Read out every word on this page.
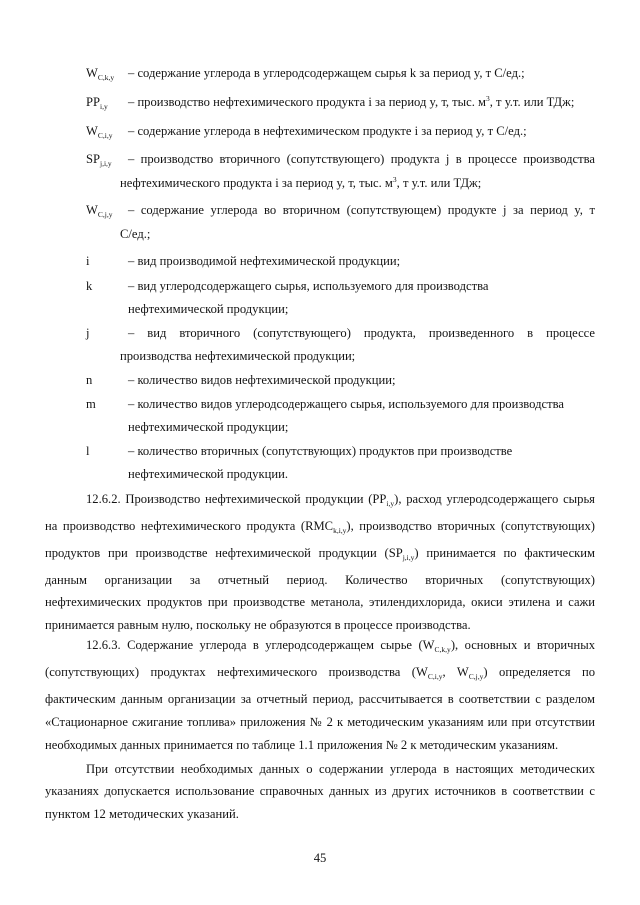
$W_{C,k,y}$ – содержание углерода в углеродсодержащем сырья k за период y, т С/ед.;
$PP_{i,y}$ – производство нефтехимического продукта i за период y, т, тыс. $м^3$, т у.т. или ТДж;
$W_{C,i,y}$ – содержание углерода в нефтехимическом продукте i за период y, т С/ед.;
$SP_{j,i,y}$ – производство вторичного (сопутствующего) продукта j в процессе производства
нефтехимического продукта i за период y, т, тыс. $м^3$, т у.т. или ТДж;
$W_{C,j,y}$ – содержание углерода во вторичном (сопутствующем) продукте j за период y, т
С/ед.;
i	– вид производимой нефтехимической продукции;
k	– вид углеродсодержащего сырья, используемого для производства
нефтехимической продукции;
j	– вид вторичного (сопутствующего) продукта, произведенного в процессе
производства нефтехимической продукции;
n	– количество видов нефтехимической продукции;
m	– количество видов углеродсодержащего сырья, используемого для производства
нефтехимической продукции;
l	– количество вторичных (сопутствующих) продуктов при производстве
нефтехимической продукции.
12.6.2. Производство нефтехимической продукции $(PP_{i,y})$, расход углеродсодержащего сырья
на производство нефтехимического продукта $(RMC_{k,i,y})$, производство вторичных (сопутствующих)
продуктов при производстве нефтехимической продукции $(SP_{j,i,y})$ принимается по фактическим
данным организации за отчетный период. Количество вторичных (сопутствующих)
нефтехимических продуктов при производстве метанола, этилендихлорида, окиси этилена и сажи
принимается равным нулю, поскольку не образуются в процессе производства.
12.6.3. Содержание углерода в углеродсодержащем сырье $(W_{C,k,y})$, основных и вторичных
(сопутствующих) продуктах нефтехимического производства ($W_{C,i,y}$, $W_{C,j,y}$) определяется по
фактическим данным организации за отчетный период, рассчитывается в соответствии с разделом
«Стационарное сжигание топлива» приложения № 2 к методическим указаниям или при отсутствии
необходимых данных принимается по таблице 1.1 приложения № 2 к методическим указаниям.
При отсутствии необходимых данных о содержании углерода в настоящих методических
указаниях допускается использование справочных данных из других источников в соответствии с
пунктом 12 методических указаний.
45
